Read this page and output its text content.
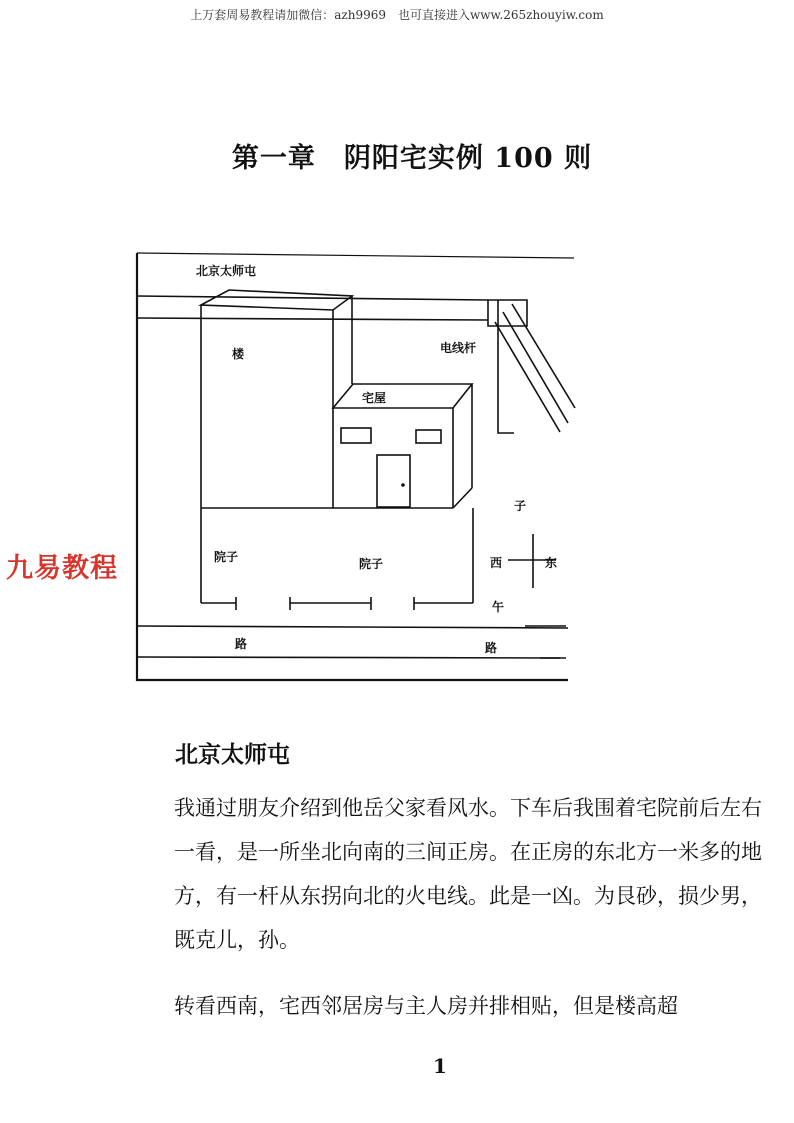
上万套周易教程请加微信：azh9969　也可直接进入www.265zhouyiw.com
第一章　阴阳宅实例 100 则
北京太师屯
楼	电线杆
宅屋
院子	院子
子
西	东
午
路	路
九易教程
北京太师屯

我通过朋友介绍到他岳父家看风水。下车后我围着宅院前后左右一看，是一所坐北向南的三间正房。在正房的东北方一米多的地方，有一杆从东拐向北的火电线。此是一凶。为艮砂，损少男，既克儿，孙。

转看西南，宅西邻居房与主人房并排相贴，但是楼高超

1
